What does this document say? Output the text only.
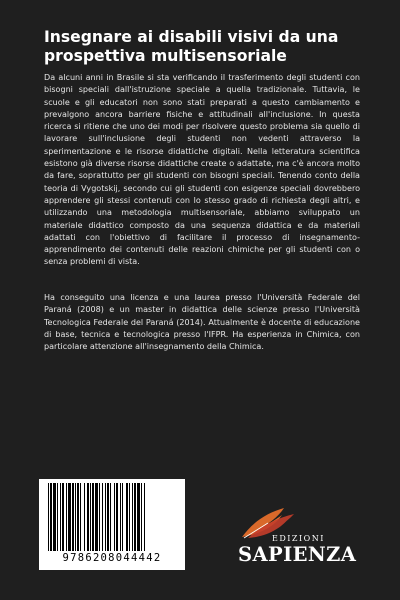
Insegnare ai disabili visivi da una prospettiva multisensoriale

Da alcuni anni in Brasile si sta verificando il trasferimento degli studenti con bisogni speciali dall'istruzione speciale a quella tradizionale. Tuttavia, le scuole e gli educatori non sono stati preparati a questo cambiamento e prevalgono ancora barriere fisiche e attitudinali all'inclusione. In questa ricerca si ritiene che uno dei modi per risolvere questo problema sia quello di lavorare sull'inclusione degli studenti non vedenti attraverso la sperimentazione e le risorse didattiche digitali. Nella letteratura scientifica esistono già diverse risorse didattiche create o adattate, ma c'è ancora molto da fare, soprattutto per gli studenti con bisogni speciali. Tenendo conto della teoria di Vygotskij, secondo cui gli studenti con esigenze speciali dovrebbero apprendere gli stessi contenuti con lo stesso grado di richiesta degli altri, e utilizzando una metodologia multisensoriale, abbiamo sviluppato un materiale didattico composto da una sequenza didattica e da materiali adattati con l'obiettivo di facilitare il processo di insegnamento-apprendimento dei contenuti delle reazioni chimiche per gli studenti con o senza problemi di vista.

Ha conseguito una licenza e una laurea presso l'Università Federale del Paraná (2008) e un master in didattica delle scienze presso l'Università Tecnologica Federale del Paraná (2014). Attualmente è docente di educazione di base, tecnica e tecnologica presso l'IFPR. Ha esperienza in Chimica, con particolare attenzione all'insegnamento della Chimica.

9786208044442
EDIZIONI
SAPIENZA
